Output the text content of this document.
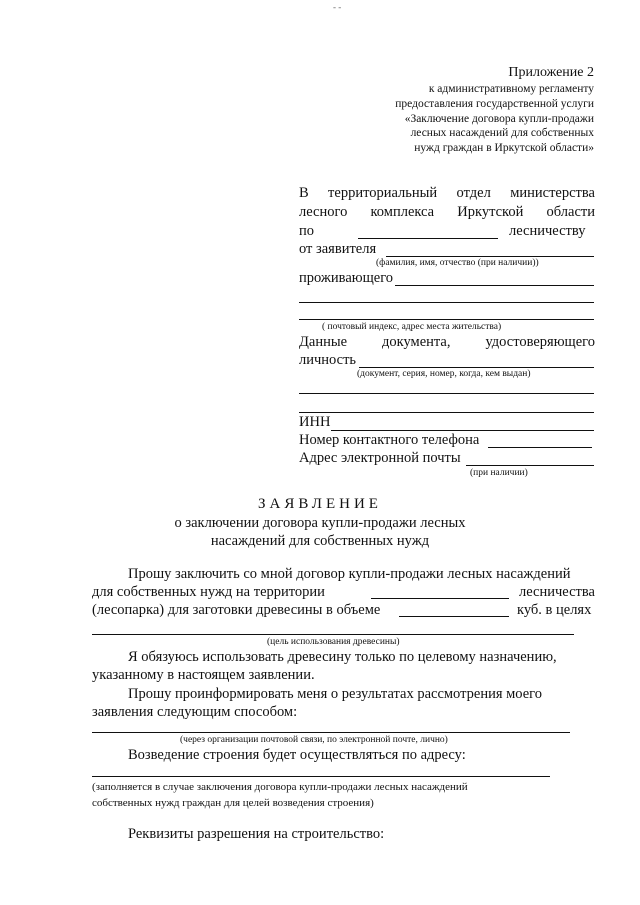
- -
Приложение 2
к административному регламенту
предоставления государственной услуги
«Заключение договора купли-продажи
лесных насаждений для собственных
нужд граждан в Иркутской области»
В территориальный отдел министерства
лесного комплекса Иркутской области
по	лесничеству
от заявителя
(фамилия, имя, отчество (при наличии))
проживающего
( почтовый индекс, адрес места жительства)
Данные документа, удостоверяющего
личность
(документ, серия, номер, когда, кем выдан)
ИНН
Номер контактного телефона
Адрес электронной почты
(при наличии)
ЗАЯВЛЕНИЕ
о заключении договора купли-продажи лесных
насаждений для собственных нужд
Прошу заключить со мной договор купли-продажи лесных насаждений
для собственных нужд на территории	лесничества
(лесопарка) для заготовки древесины в объеме	куб. в целях
(цель использования древесины)
Я обязуюсь использовать древесину только по целевому назначению,
указанному в настоящем заявлении.
Прошу проинформировать меня о результатах рассмотрения моего
заявления следующим способом:
(через организации почтовой связи, по электронной почте, лично)
Возведение строения будет осуществляться по адресу:
(заполняется в случае заключения договора купли-продажи лесных насаждений
собственных нужд граждан для целей возведения строения)
Реквизиты разрешения на строительство:
